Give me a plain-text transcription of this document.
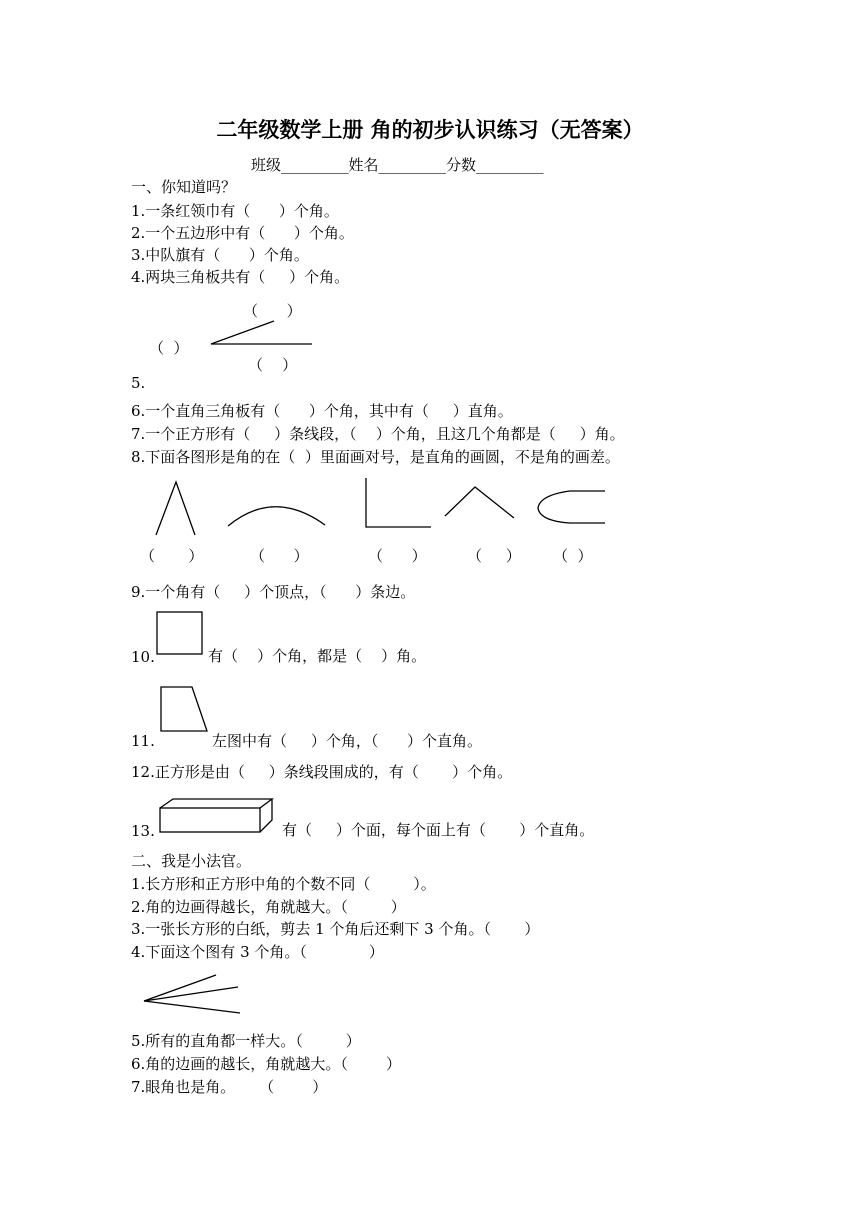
二年级数学上册 角的初步认识练习（无答案）
班级_________姓名_________分数_________
一、你知道吗？
1.一条红领巾有（      ）个角。
2.一个五边形中有（      ）个角。
3.中队旗有（      ）个角。
4.两块三角板共有（     ）个角。
（      ）
（  ）
（    ）
5.
6.一个直角三角板有（      ）个角，其中有（     ）直角。
7.一个正方形有（     ）条线段，（    ）个角，且这几个角都是（     ）角。
8.下面各图形是角的在（  ）里面画对号，是直角的画圆，不是角的画差。
（       ）	（      ）	（      ）	（     ） （  ）
9.一个角有（     ）个顶点，（      ）条边。
10.	有（    ）个角，都是（    ）角。
11.	左图中有（     ）个角，（      ）个直角。
12.正方形是由（     ）条线段围成的，有（       ）个角。
13.	有（     ）个面，每个面上有（       ）个直角。
二、我是小法官。
1.长方形和正方形中角的个数不同（         ）。
2.角的边画得越长，角就越大。（         ）
3.一张长方形的白纸，剪去 1 个角后还剩下 3 个角。（       ）
4.下面这个图有 3 个角。（             ）
5.所有的直角都一样大。（         ）
6.角的边画的越长，角就越大。（        ）
7.眼角也是角。     （        ）
